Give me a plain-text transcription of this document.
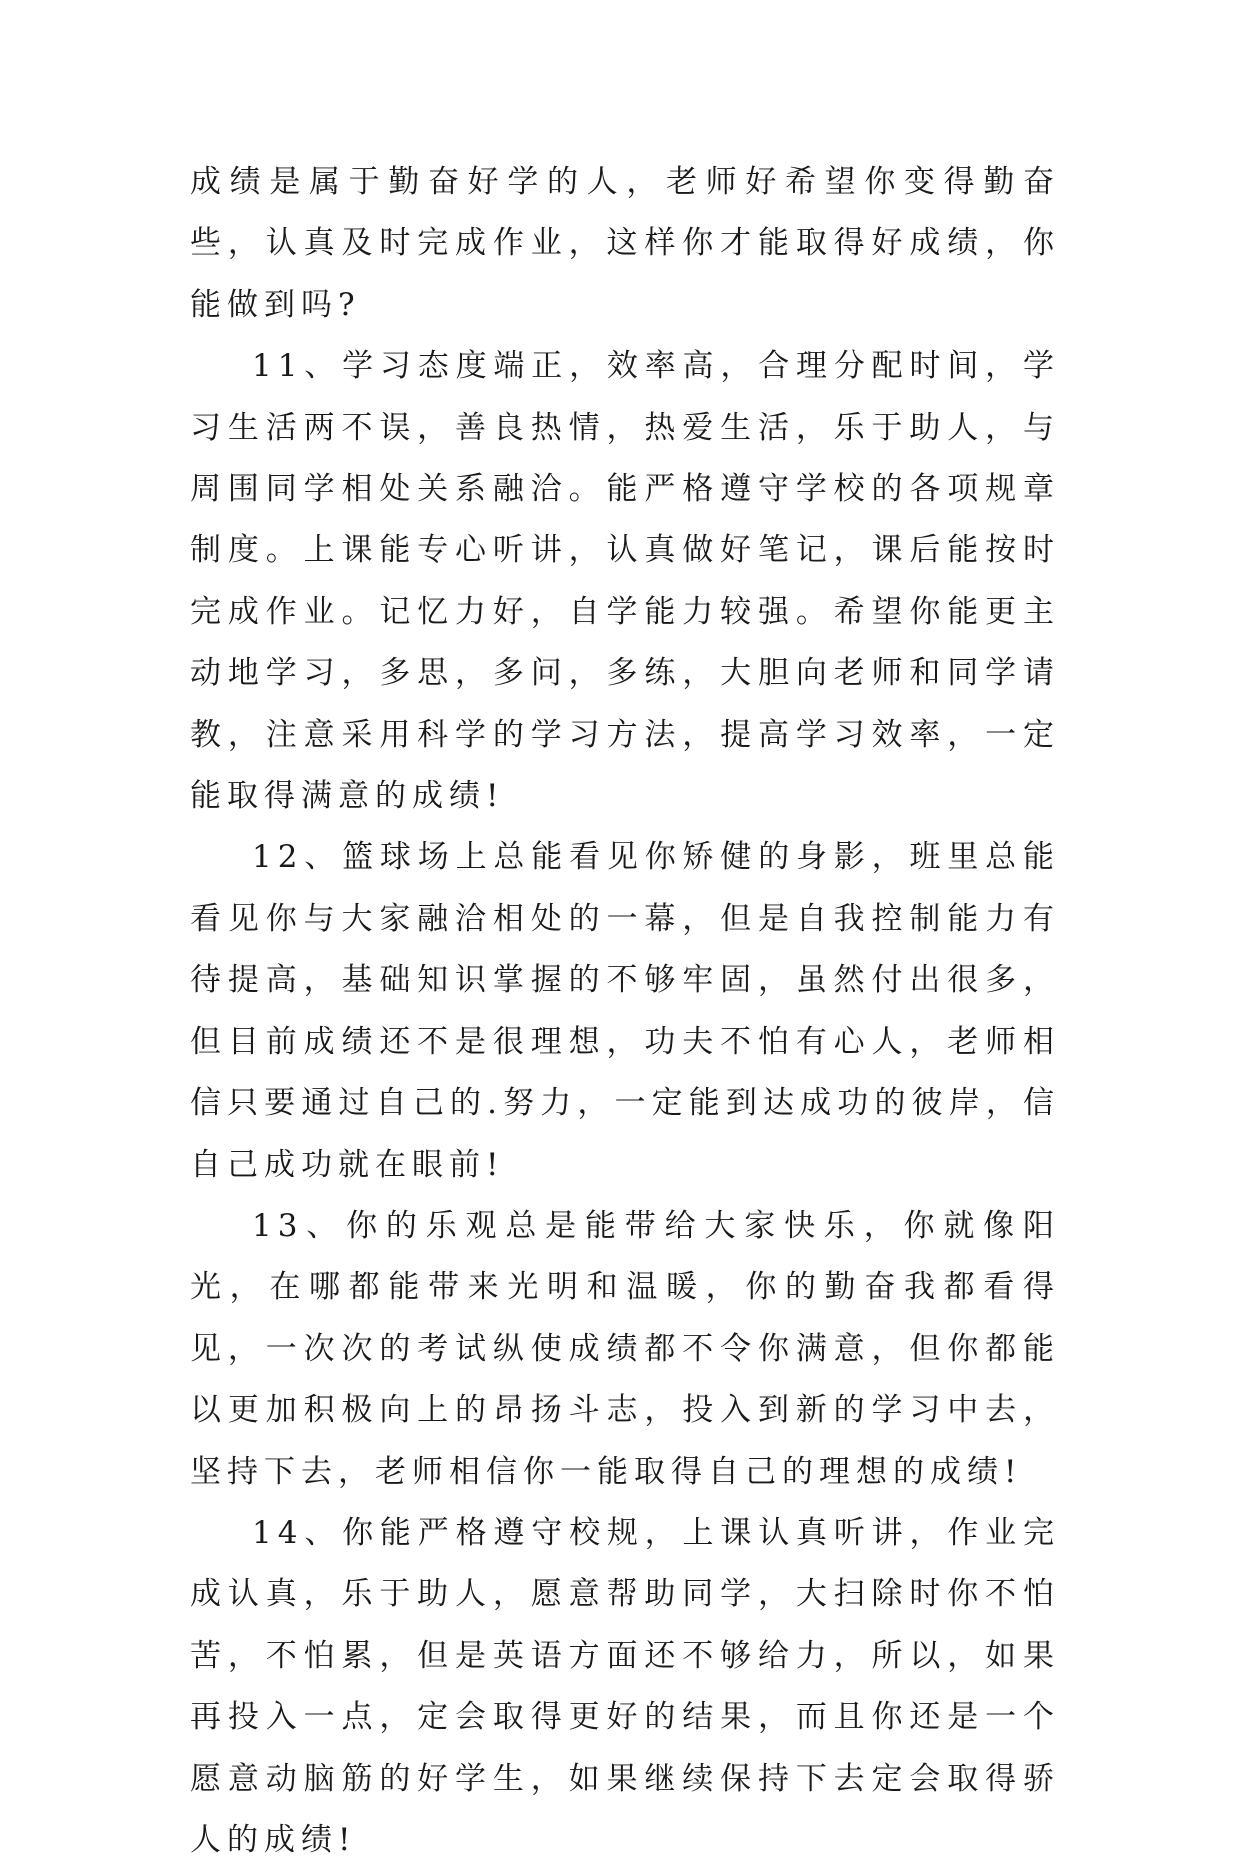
成绩是属于勤奋好学的人，老师好希望你变得勤奋些，认真及时完成作业，这样你才能取得好成绩，你能做到吗?

11、学习态度端正，效率高，合理分配时间，学习生活两不误，善良热情，热爱生活，乐于助人，与周围同学相处关系融洽。能严格遵守学校的各项规章制度。上课能专心听讲，认真做好笔记，课后能按时完成作业。记忆力好，自学能力较强。希望你能更主动地学习，多思，多问，多练，大胆向老师和同学请教，注意采用科学的学习方法，提高学习效率，一定能取得满意的成绩!

12、篮球场上总能看见你矫健的身影，班里总能看见你与大家融洽相处的一幕，但是自我控制能力有待提高，基础知识掌握的不够牢固，虽然付出很多，但目前成绩还不是很理想，功夫不怕有心人，老师相信只要通过自己的.努力，一定能到达成功的彼岸，信自己成功就在眼前!

13、你的乐观总是能带给大家快乐，你就像阳光，在哪都能带来光明和温暖，你的勤奋我都看得见，一次次的考试纵使成绩都不令你满意，但你都能以更加积极向上的昂扬斗志，投入到新的学习中去，坚持下去，老师相信你一能取得自己的理想的成绩!

14、你能严格遵守校规，上课认真听讲，作业完成认真，乐于助人，愿意帮助同学，大扫除时你不怕苦，不怕累，但是英语方面还不够给力，所以，如果再投入一点，定会取得更好的结果，而且你还是一个愿意动脑筋的好学生，如果继续保持下去定会取得骄人的成绩!
